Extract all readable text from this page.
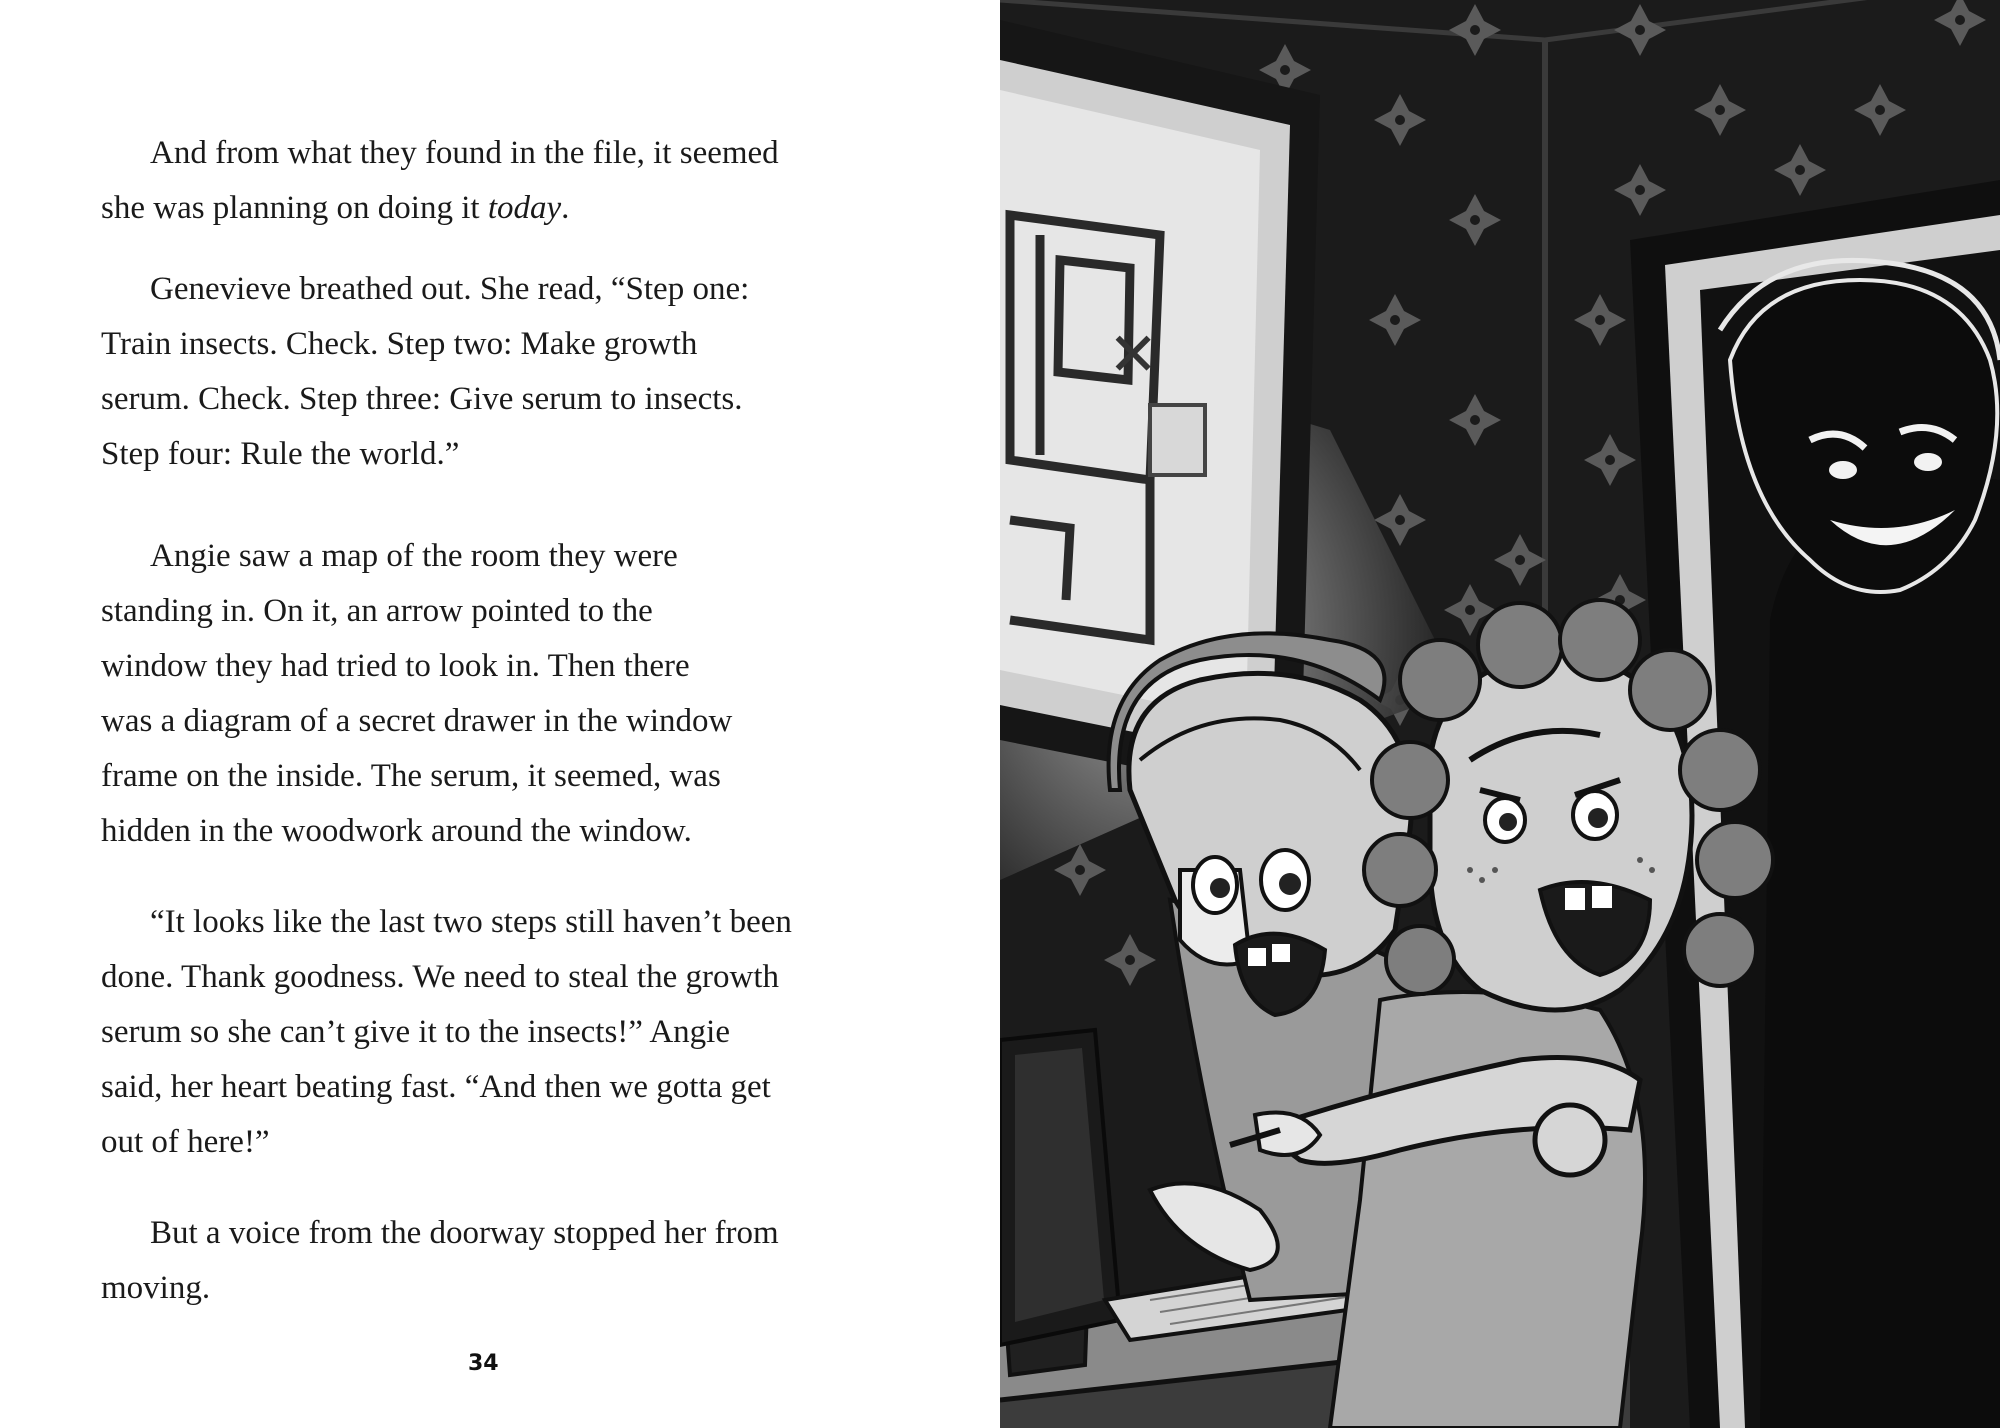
And from what they found in the file, it seemed
she was planning on doing it today.
Genevieve breathed out. She read, “Step one:
Train insects. Check. Step two: Make growth
serum. Check. Step three: Give serum to insects.
Step four: Rule the world.”
Angie saw a map of the room they were
standing in. On it, an arrow pointed to the
window they had tried to look in. Then there
was a diagram of a secret drawer in the window
frame on the inside. The serum, it seemed, was
hidden in the woodwork around the window.
“It looks like the last two steps still haven’t been
done. Thank goodness. We need to steal the growth
serum so she can’t give it to the insects!” Angie
said, her heart beating fast. “And then we gotta get
out of here!”
But a voice from the doorway stopped her from
moving.
34
✕
